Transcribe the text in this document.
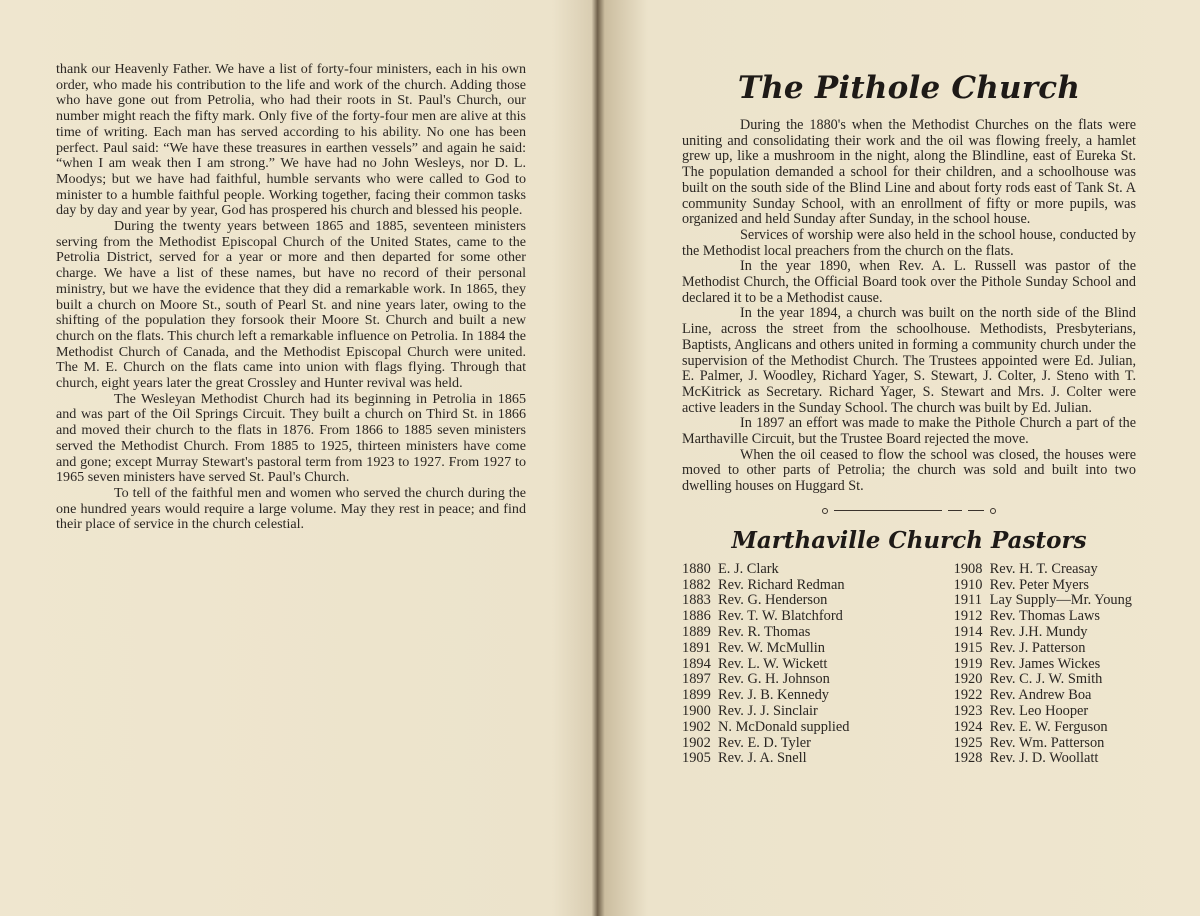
thank our Heavenly Father. We have a list of forty-four ministers, each in his own order, who made his contribution to the life and work of the church. Adding those who have gone out from Petrolia, who had their roots in St. Paul's Church, our number might reach the fifty mark. Only five of the forty-four men are alive at this time of writing. Each man has served according to his ability. No one has been perfect. Paul said: “We have these treasures in earthen vessels” and again he said: “when I am weak then I am strong.” We have had no John Wesleys, nor D. L. Moodys; but we have had faithful, humble servants who were called to God to minister to a humble faithful people. Working together, facing their common tasks day by day and year by year, God has prospered his church and blessed his people.

During the twenty years between 1865 and 1885, seventeen ministers serving from the Methodist Episcopal Church of the United States, came to the Petrolia District, served for a year or more and then departed for some other charge. We have a list of these names, but have no record of their personal ministry, but we have the evidence that they did a remarkable work. In 1865, they built a church on Moore St., south of Pearl St. and nine years later, owing to the shifting of the population they forsook their Moore St. Church and built a new church on the flats. This church left a remarkable influence on Petrolia. In 1884 the Methodist Church of Canada, and the Methodist Episcopal Church were united. The M. E. Church on the flats came into union with flags flying. Through that church, eight years later the great Crossley and Hunter revival was held.

The Wesleyan Methodist Church had its beginning in Petrolia in 1865 and was part of the Oil Springs Circuit. They built a church on Third St. in 1866 and moved their church to the flats in 1876. From 1866 to 1885 seven ministers served the Methodist Church. From 1885 to 1925, thirteen ministers have come and gone; except Murray Stewart's pastoral term from 1923 to 1927. From 1927 to 1965 seven ministers have served St. Paul's Church.

To tell of the faithful men and women who served the church during the one hundred years would require a large volume. May they rest in peace; and find their place of service in the church celestial.

The Pithole Church

During the 1880's when the Methodist Churches on the flats were uniting and consolidating their work and the oil was flowing freely, a hamlet grew up, like a mushroom in the night, along the Blindline, east of Eureka St. The population demanded a school for their children, and a schoolhouse was built on the south side of the Blind Line and about forty rods east of Tank St. A community Sunday School, with an enrollment of fifty or more pupils, was organized and held Sunday after Sunday, in the school house.

Services of worship were also held in the school house, conducted by the Methodist local preachers from the church on the flats.

In the year 1890, when Rev. A. L. Russell was pastor of the Methodist Church, the Official Board took over the Pithole Sunday School and declared it to be a Methodist cause.

In the year 1894, a church was built on the north side of the Blind Line, across the street from the schoolhouse. Methodists, Presbyterians, Baptists, Anglicans and others united in forming a community church under the supervision of the Methodist Church. The Trustees appointed were Ed. Julian, E. Palmer, J. Woodley, Richard Yager, S. Stewart, J. Colter, J. Steno with T. McKitrick as Secretary. Richard Yager, S. Stewart and Mrs. J. Colter were active leaders in the Sunday School. The church was built by Ed. Julian.

In 1897 an effort was made to make the Pithole Church a part of the Marthaville Circuit, but the Trustee Board rejected the move.

When the oil ceased to flow the school was closed, the houses were moved to other parts of Petrolia; the church was sold and built into two dwelling houses on Huggard St.

Marthaville Church Pastors
1880 E. J. Clark
1882 Rev. Richard Redman
1883 Rev. G. Henderson
1886 Rev. T. W. Blatchford
1889 Rev. R. Thomas
1891 Rev. W. McMullin
1894 Rev. L. W. Wickett
1897 Rev. G. H. Johnson
1899 Rev. J. B. Kennedy
1900 Rev. J. J. Sinclair
1902 N. McDonald supplied
1902 Rev. E. D. Tyler
1905 Rev. J. A. Snell
1908 Rev. H. T. Creasay
1910 Rev. Peter Myers
1911 Lay Supply—Mr. Young
1912 Rev. Thomas Laws
1914 Rev. J.H. Mundy
1915 Rev. J. Patterson
1919 Rev. James Wickes
1920 Rev. C. J. W. Smith
1922 Rev. Andrew Boa
1923 Rev. Leo Hooper
1924 Rev. E. W. Ferguson
1925 Rev. Wm. Patterson
1928 Rev. J. D. Woollatt
